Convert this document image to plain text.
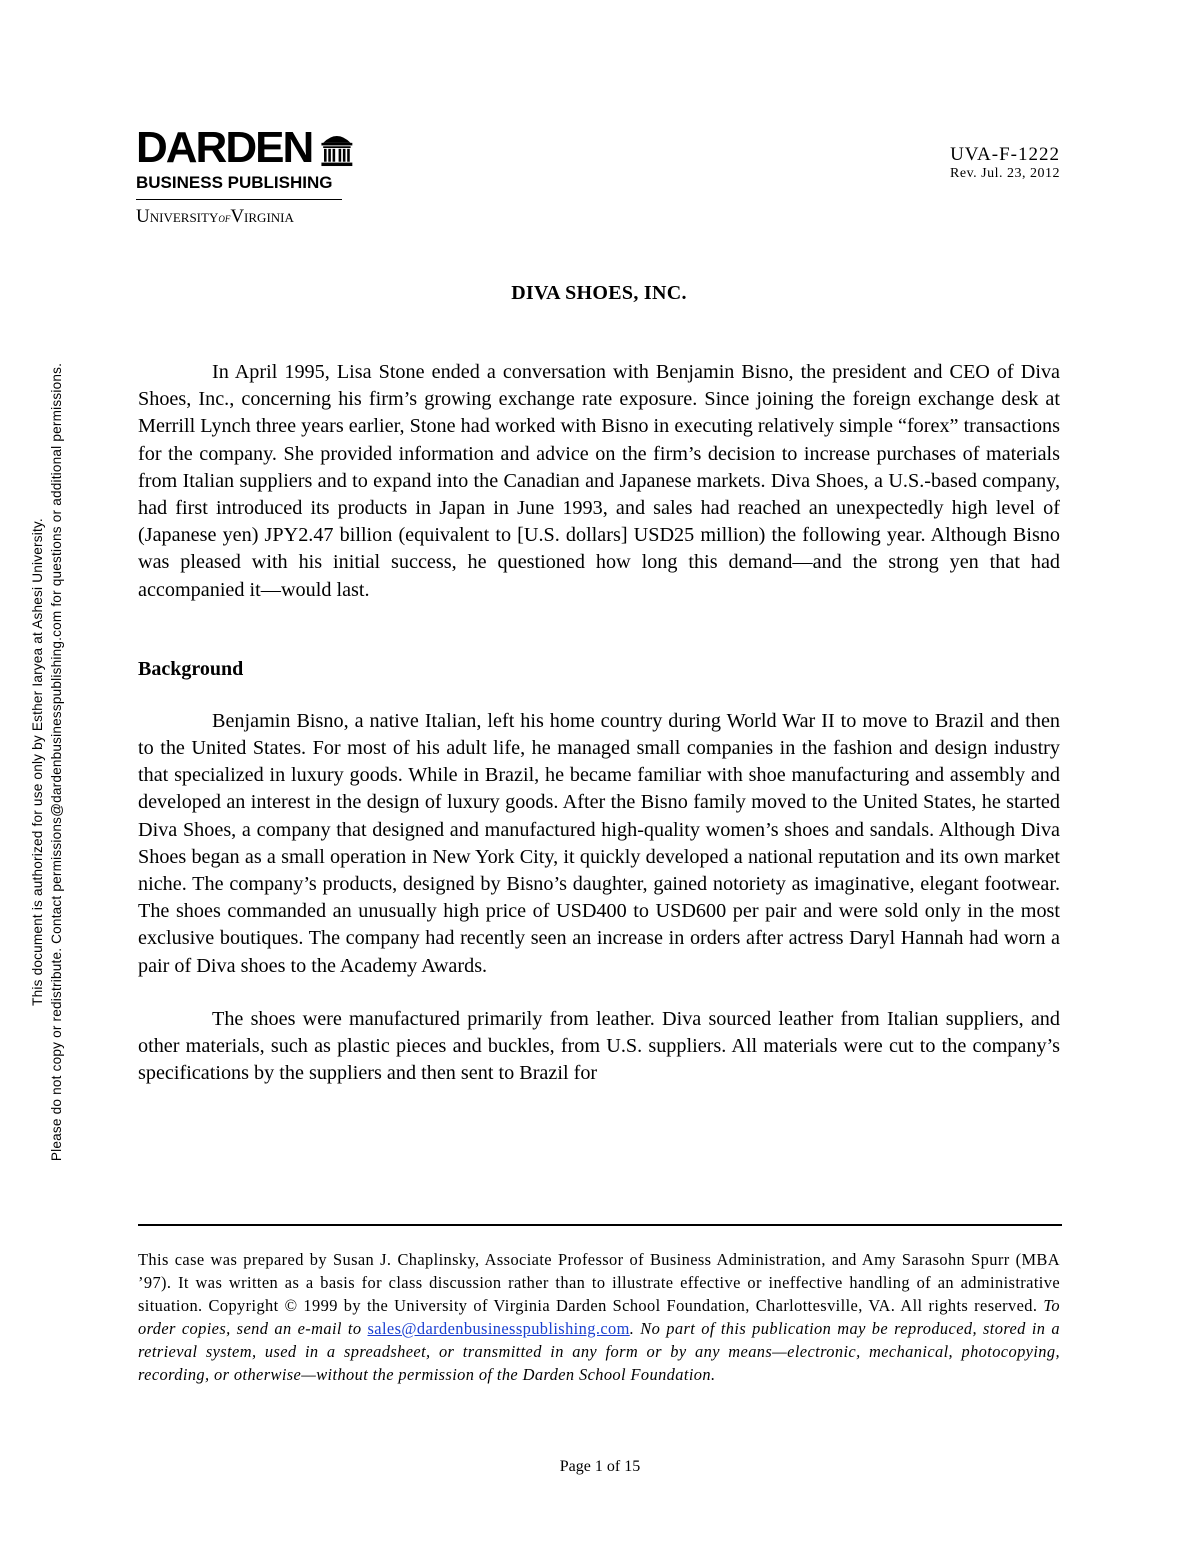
DARDEN
BUSINESS PUBLISHING
UniversityofVirginia
UVA-F-1222
Rev. Jul. 23, 2012
This document is authorized for use only by Esther Iaryea at Ashesi University. Please do not copy or redistribute. Contact permissions@dardenbusinesspublishing.com for questions or additional permissions.
DIVA SHOES, INC.

In April 1995, Lisa Stone ended a conversation with Benjamin Bisno, the president and CEO of Diva Shoes, Inc., concerning his firm’s growing exchange rate exposure. Since joining the foreign exchange desk at Merrill Lynch three years earlier, Stone had worked with Bisno in executing relatively simple “forex” transactions for the company. She provided information and advice on the firm’s decision to increase purchases of materials from Italian suppliers and to expand into the Canadian and Japanese markets. Diva Shoes, a U.S.-based company, had first introduced its products in Japan in June 1993, and sales had reached an unexpectedly high level of (Japanese yen) JPY2.47 billion (equivalent to [U.S. dollars] USD25 million) the following year. Although Bisno was pleased with his initial success, he questioned how long this demand—and the strong yen that had accompanied it—would last.

Background

Benjamin Bisno, a native Italian, left his home country during World War II to move to Brazil and then to the United States. For most of his adult life, he managed small companies in the fashion and design industry that specialized in luxury goods. While in Brazil, he became familiar with shoe manufacturing and assembly and developed an interest in the design of luxury goods. After the Bisno family moved to the United States, he started Diva Shoes, a company that designed and manufactured high-quality women’s shoes and sandals. Although Diva Shoes began as a small operation in New York City, it quickly developed a national reputation and its own market niche. The company’s products, designed by Bisno’s daughter, gained notoriety as imaginative, elegant footwear. The shoes commanded an unusually high price of USD400 to USD600 per pair and were sold only in the most exclusive boutiques. The company had recently seen an increase in orders after actress Daryl Hannah had worn a pair of Diva shoes to the Academy Awards.

The shoes were manufactured primarily from leather. Diva sourced leather from Italian suppliers, and other materials, such as plastic pieces and buckles, from U.S. suppliers. All materials were cut to the company’s specifications by the suppliers and then sent to Brazil for

This case was prepared by Susan J. Chaplinsky, Associate Professor of Business Administration, and Amy Sarasohn Spurr (MBA ’97). It was written as a basis for class discussion rather than to illustrate effective or ineffective handling of an administrative situation. Copyright © 1999 by the University of Virginia Darden School Foundation, Charlottesville, VA. All rights reserved. To order copies, send an e-mail to sales@dardenbusinesspublishing.com. No part of this publication may be reproduced, stored in a retrieval system, used in a spreadsheet, or transmitted in any form or by any means—electronic, mechanical, photocopying, recording, or otherwise—without the permission of the Darden School Foundation.
Page 1 of 15
